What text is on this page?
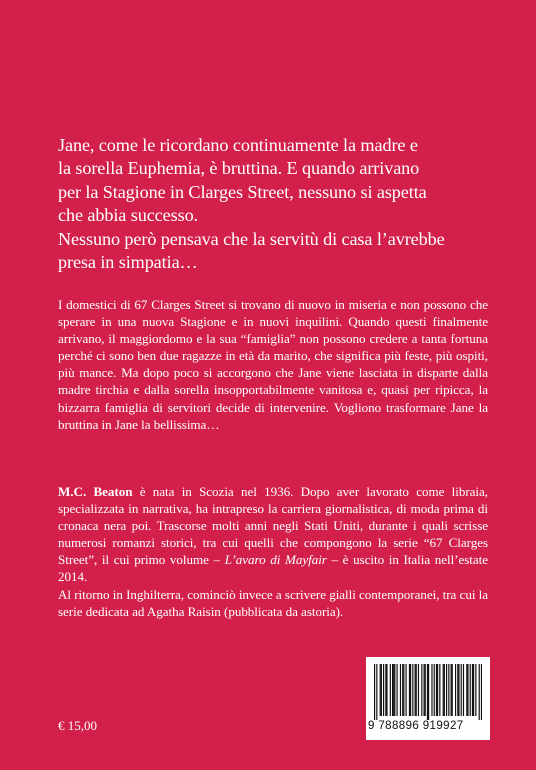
Jane, come le ricordano continuamente la madre e

la sorella Euphemia, è bruttina. E quando arrivano

per la Stagione in Clarges Street, nessuno si aspetta

che abbia successo.

Nessuno però pensava che la servitù di casa l’avrebbe

presa in simpatia…

I domestici di 67 Clarges Street si trovano di nuovo in miseria e non possono che sperare in una nuova Stagione e in nuovi inquilini. Quando questi finalmente arrivano, il maggiordomo e la sua “famiglia” non possono credere a tanta fortuna perché ci sono ben due ragazze in età da marito, che significa più feste, più ospiti, più mance. Ma dopo poco si accorgono che Jane viene lasciata in disparte dalla madre tirchia e dalla sorella insopportabilmente vanitosa e, quasi per ripicca, la bizzarra famiglia di servitori decide di intervenire. Vogliono trasformare Jane la bruttina in Jane la bellissima…

M.C. Beaton è nata in Scozia nel 1936. Dopo aver lavorato come libraia, specializzata in narrativa, ha intrapreso la carriera giornalistica, di moda prima di cronaca nera poi. Trascorse molti anni negli Stati Uniti, durante i quali scrisse numerosi romanzi storici, tra cui quelli che compongono la serie “67 Clarges Street”, il cui primo volume – L’avaro di Mayfair – è uscito in Italia nell’estate 2014.

Al ritorno in Inghilterra, cominciò invece a scrivere gialli contemporanei, tra cui la serie dedicata ad Agatha Raisin (pubblicata da astoria).

€ 15,00	9 788896 919927
